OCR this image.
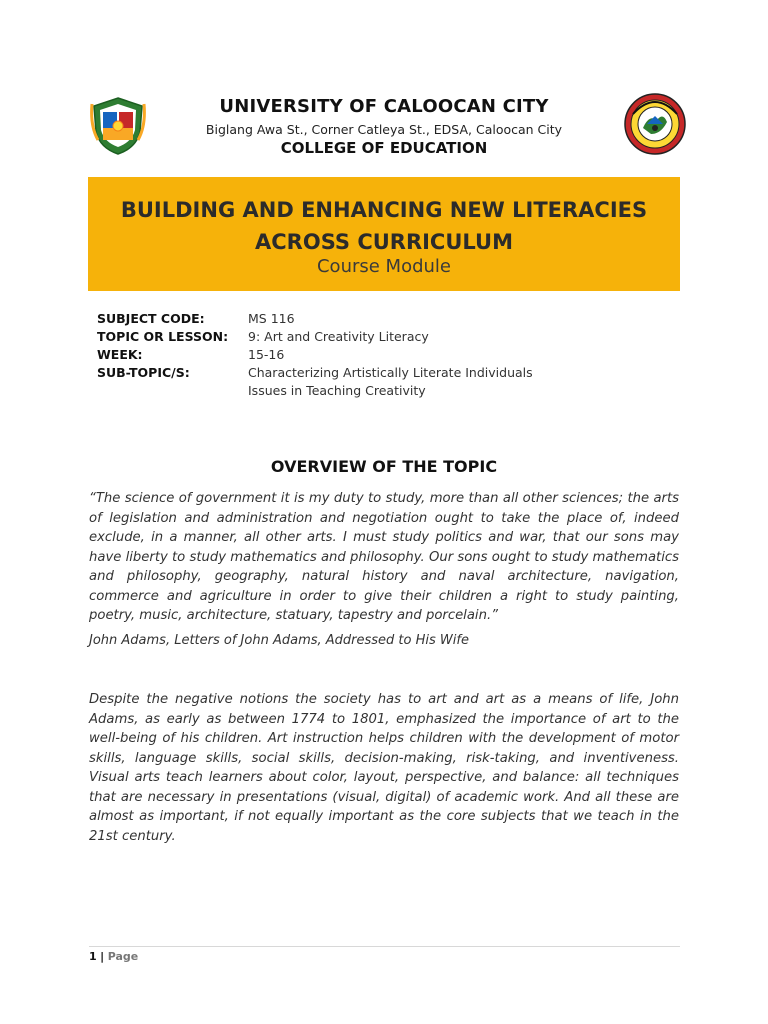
UNIVERSITY OF CALOOCAN CITY
Biglang Awa St., Corner Catleya St., EDSA, Caloocan City
COLLEGE OF EDUCATION
BUILDING AND ENHANCING NEW LITERACIES
ACROSS CURRICULUM
Course Module
SUBJECT CODE:	MS 116
TOPIC OR LESSON: 9: Art and Creativity Literacy
WEEK:	15-16
SUB-TOPIC/S:	Characterizing Artistically Literate Individuals
Issues in Teaching Creativity
OVERVIEW OF THE TOPIC
“The science of government it is my duty to study, more than all other sciences; the arts of legislation and administration and negotiation ought to take the place of, indeed exclude, in a manner, all other arts. I must study politics and war, that our sons may have liberty to study mathematics and philosophy. Our sons ought to study mathematics and philosophy, geography, natural history and naval architecture, navigation, commerce and agriculture in order to give their children a right to study painting, poetry, music, architecture, statuary, tapestry and porcelain.”
John Adams, Letters of John Adams, Addressed to His Wife
Despite the negative notions the society has to art and art as a means of life, John Adams, as early as between 1774 to 1801, emphasized the importance of art to the well-being of his children. Art instruction helps children with the development of motor skills, language skills, social skills, decision-making, risk-taking, and inventiveness. Visual arts teach learners about color, layout, perspective, and balance: all techniques that are necessary in presentations (visual, digital) of academic work. And all these are almost as important, if not equally important as the core subjects that we teach in the 21st century.
1 | Page
